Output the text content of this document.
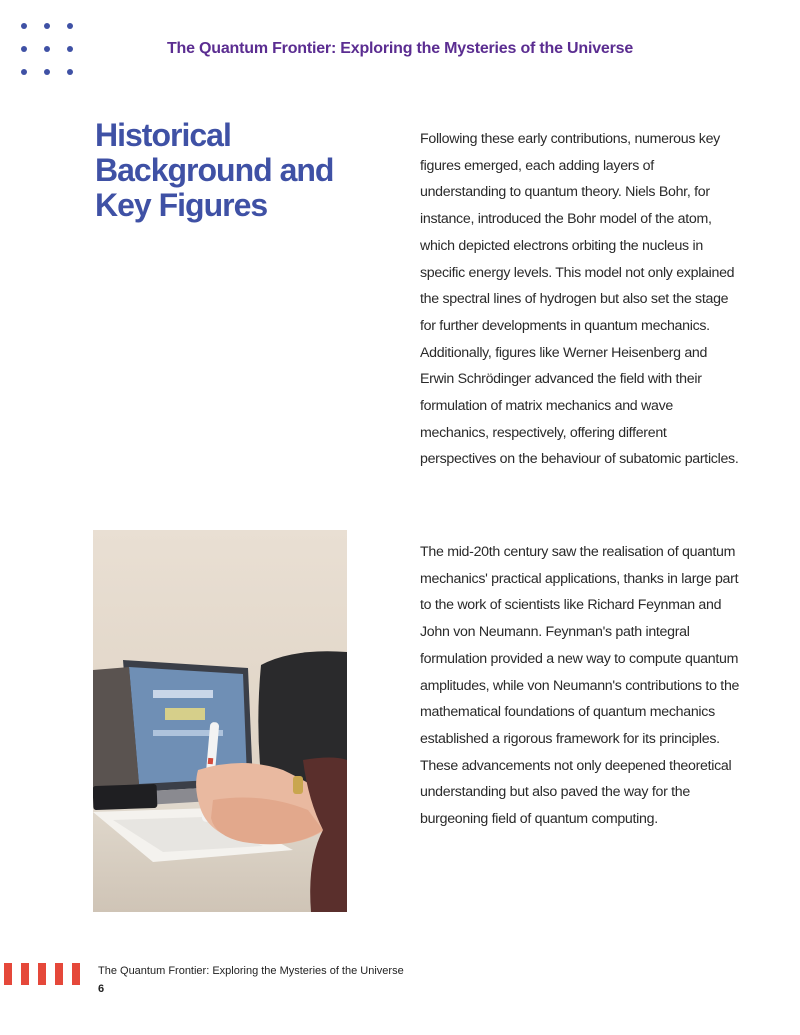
The Quantum Frontier: Exploring the Mysteries of the Universe
Historical Background and Key Figures

Following these early contributions, numerous key figures emerged, each adding layers of understanding to quantum theory. Niels Bohr, for instance, introduced the Bohr model of the atom, which depicted electrons orbiting the nucleus in specific energy levels. This model not only explained the spectral lines of hydrogen but also set the stage for further developments in quantum mechanics. Additionally, figures like Werner Heisenberg and Erwin Schrödinger advanced the field with their formulation of matrix mechanics and wave mechanics, respectively, offering different perspectives on the behaviour of subatomic particles.

The mid-20th century saw the realisation of quantum mechanics' practical applications, thanks in large part to the work of scientists like Richard Feynman and John von Neumann. Feynman's path integral formulation provided a new way to compute quantum amplitudes, while von Neumann's contributions to the mathematical foundations of quantum mechanics established a rigorous framework for its principles. These advancements not only deepened theoretical understanding but also paved the way for the burgeoning field of quantum computing.

The Quantum Frontier: Exploring the Mysteries of the Universe
6
